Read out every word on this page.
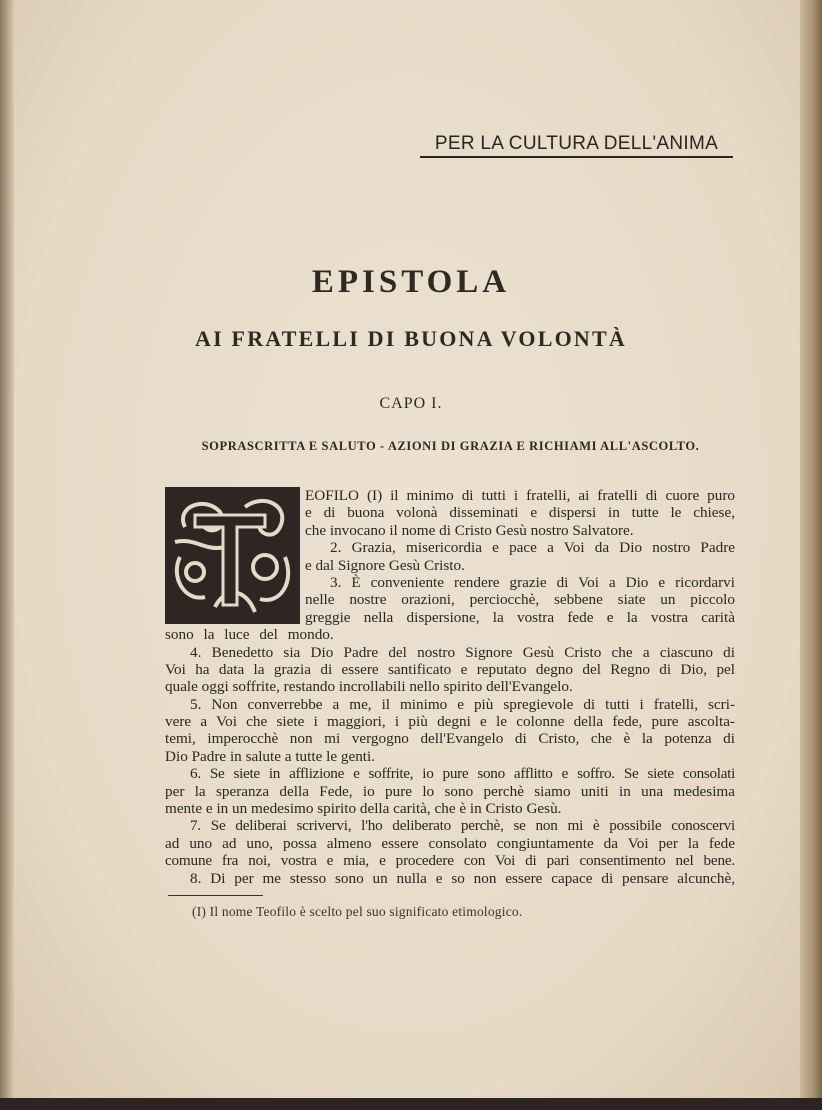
PER LA CULTURA DELL'ANIMA
EPISTOLA
AI FRATELLI DI BUONA VOLONTÀ
CAPO I.
SOPRASCRITTA E SALUTO - AZIONI DI GRAZIA E RICHIAMI ALL'ASCOLTO.
EOFILO (I) il minimo di tutti i fratelli, ai fratelli di cuore puro
e di buona volonà disseminati e dispersi in tutte le chiese,
che invocano il nome di Cristo Gesù nostro Salvatore.
2. Grazia, misericordia e pace a Voi da Dio nostro Padre
e dal Signore Gesù Cristo.
3. È conveniente rendere grazie di Voi a Dio e ricordarvi
nelle nostre orazioni, perciocchè, sebbene siate un piccolo
greggie nella dispersione, la vostra fede e la vostra carità
sono la luce del mondo.
4. Benedetto sia Dio Padre del nostro Signore Gesù Cristo che a ciascuno di
Voi ha data la grazia di essere santificato e reputato degno del Regno di Dio, pel
quale oggi soffrite, restando incrollabili nello spirito dell'Evangelo.
5. Non converrebbe a me, il minimo e più spregievole di tutti i fratelli, scri-
vere a Voi che siete i maggiori, i più degni e le colonne della fede, pure ascolta-
temi, imperocchè non mi vergogno dell'Evangelo di Cristo, che è la potenza di
Dio Padre in salute a tutte le genti.
6. Se siete in afflizione e soffrite, io pure sono afflitto e soffro. Se siete consolati
per la speranza della Fede, io pure lo sono perchè siamo uniti in una medesima
mente e in un medesimo spirito della carità, che è in Cristo Gesù.
7. Se deliberai scrivervi, l'ho deliberato perchè, se non mi è possibile conoscervi
ad uno ad uno, possa almeno essere consolato congiuntamente da Voi per la fede
comune fra noi, vostra e mia, e procedere con Voi di pari consentimento nel bene.
8. Di per me stesso sono un nulla e so non essere capace di pensare alcunchè,
(I) Il nome Teofilo è scelto pel suo significato etimologico.
